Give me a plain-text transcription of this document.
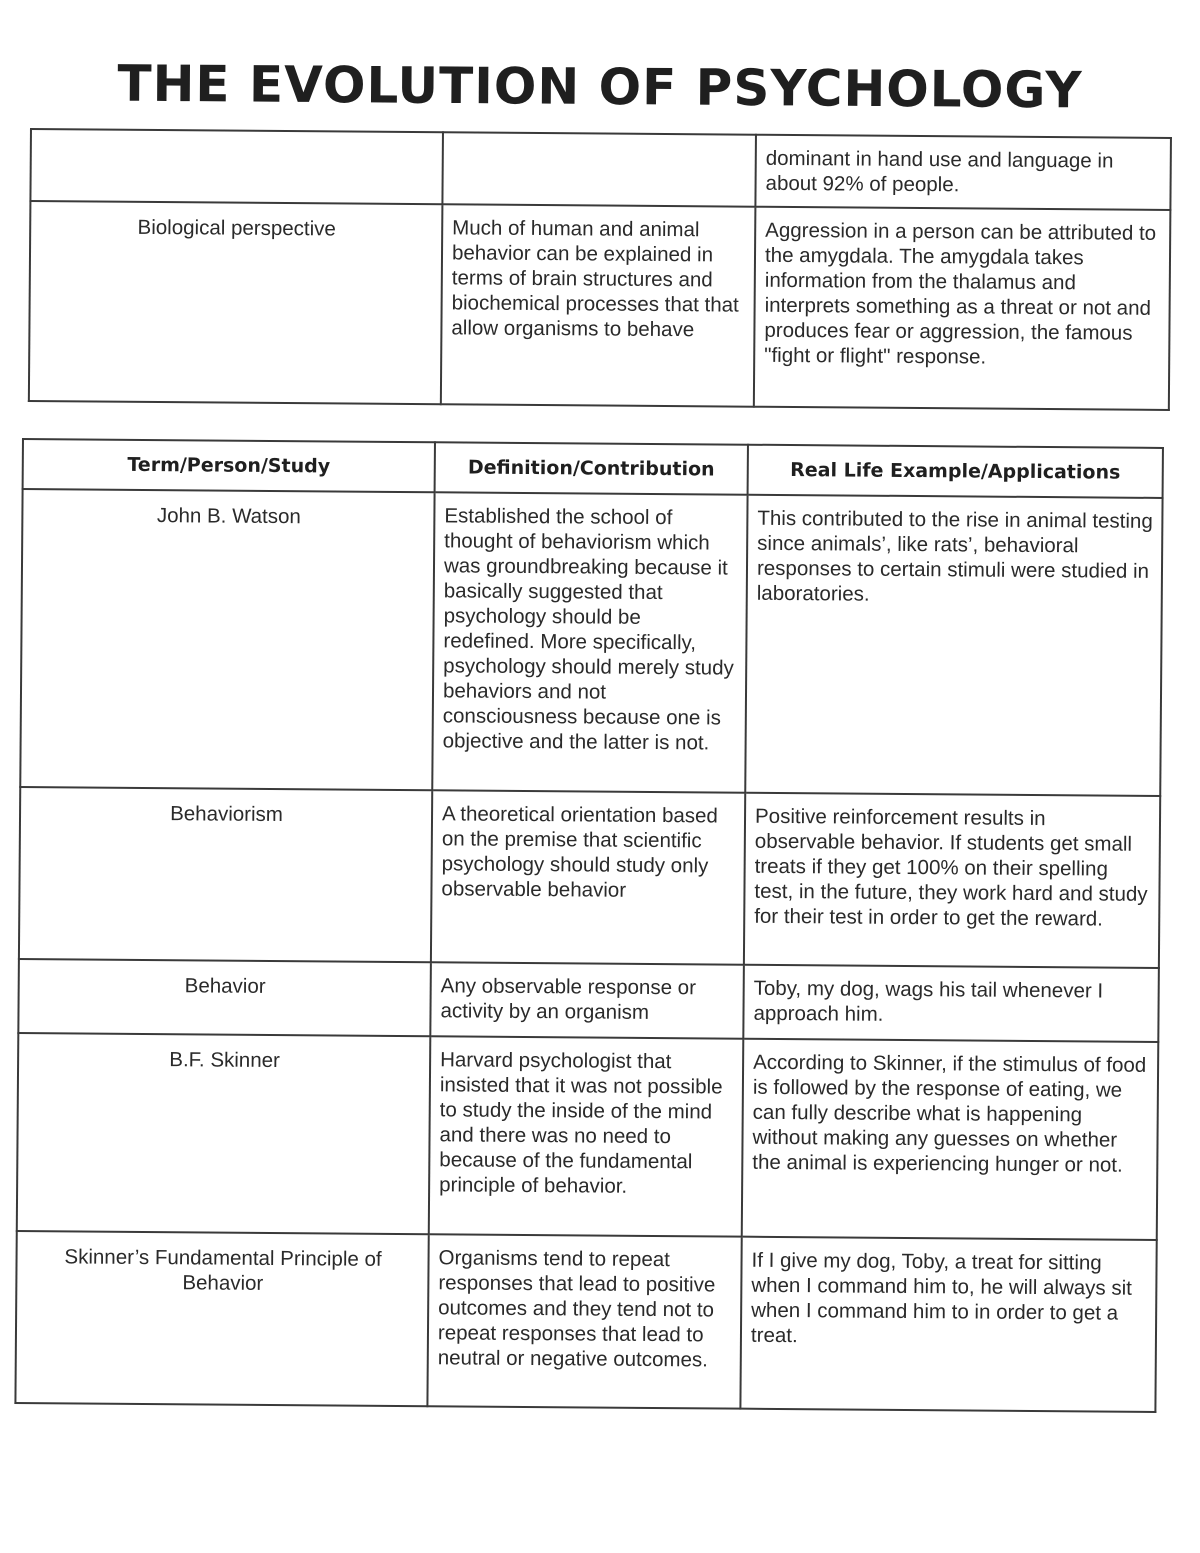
THE EVOLUTION OF PSYCHOLOGY
		dominant in hand use and language in about 92% of people.
Biological perspective	Much of human and animal behavior can be explained in terms of brain structures and biochemical processes that that allow organisms to behave	Aggression in a person can be attributed to the amygdala. The amygdala takes information from the thalamus and interprets something as a threat or not and produces fear or aggression, the famous "fight or flight" response.
Term/Person/Study	Definition/Contribution	Real Life Example/Applications
John B. Watson	Established the school of thought of behaviorism which was groundbreaking because it basically suggested that psychology should be redefined. More specifically, psychology should merely study behaviors and not consciousness because one is objective and the latter is not.	This contributed to the rise in animal testing since animals’, like rats’, behavioral responses to certain stimuli were studied in laboratories.
Behaviorism	A theoretical orientation based on the premise that scientific psychology should study only observable behavior	Positive reinforcement results in observable behavior. If students get small treats if they get 100% on their spelling test, in the future, they work hard and study for their test in order to get the reward.
Behavior	Any observable response or activity by an organism	Toby, my dog, wags his tail whenever I approach him.
B.F. Skinner	Harvard psychologist that insisted that it was not possible to study the inside of the mind and there was no need to because of the fundamental principle of behavior.	According to Skinner, if the stimulus of food is followed by the response of eating, we can fully describe what is happening without making any guesses on whether the animal is experiencing hunger or not.
Skinner’s Fundamental Principle of Behavior	Organisms tend to repeat responses that lead to positive outcomes and they tend not to repeat responses that lead to neutral or negative outcomes.	If I give my dog, Toby, a treat for sitting when I command him to, he will always sit when I command him to in order to get a treat.
